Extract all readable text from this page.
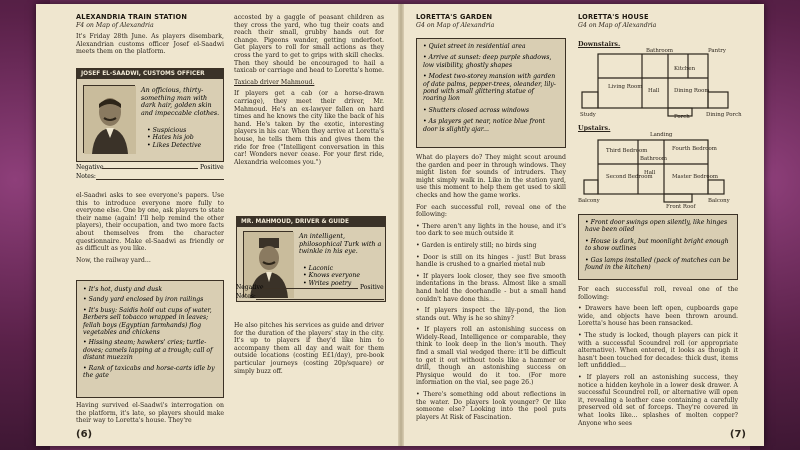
ALEXANDRIA TRAIN STATION
F4 on Map of Alexandria

It's Friday 28th June. As players disembark, Alexandrian customs officer Josef el-Saadwi meets them on the platform.

JOSEF EL-SAADWI, CUSTOMS OFFICER
An officious, thirty-something man with dark hair, golden skin and impeccable clothes.
• Suspicious
• Hates his job
• Likes Detective
Negative	Positive
Notes:

el-Saadwi asks to see everyone's papers. Use this to introduce everyone more fully to everyone else. One by one, ask players to state their name (again! I'll help remind the other players), their occupation, and two more facts about themselves from the character questionnaire. Make el-Saadwi as friendly or as difficult as you like.

Now, the railway yard...

• It's hot, dusty and dusk
• Sandy yard enclosed by iron railings
• It's busy: Saidis hold out cups of water, Berbers sell tobacco wrapped in leaves; fellah boys (Egyptian farmhands) flog vegetables and chickens
• Hissing steam; hawkers' cries; turtle-doves; camels lapping at a trough; call of distant muezzin
• Rank of taxicabs and horse-carts idle by the gate

Having survived el-Saadwi's interrogation on the platform, it's late, so players should make their way to Loretta's house. They're

accosted by a gaggle of peasant children as they cross the yard, who tug their coats and reach their small, grubby hands out for change. Pigeons wander, getting underfoot. Get players to roll for small actions as they cross the yard to get to grips with skill checks. Then they should be encouraged to hail a taxicab or carriage and head to Loretta's home.

Taxicab driver Mahmoud.

If players get a cab (or a horse-drawn carriage), they meet their driver, Mr. Mahmoud. He's an ex-lawyer fallen on hard times and he knows the city like the back of his hand. He's taken by the exotic, interesting players in his car. When they arrive at Loretta's house, he tells them this and gives them the ride for free ("Intelligent conversation in this car! Wonders never cease. For your first ride, Alexandria welcomes you.")

MR. MAHMOUD, DRIVER & GUIDE
An intelligent, philosophical Turk with a twinkle in his eye.
• Laconic
• Knows everyone
• Writes poetry
Negative	Positive
Notes:

He also pitches his services as guide and driver for the duration of the players' stay in the city. It's up to players if they'd like him to accompany them all day and wait for them outside locations (costing E£1/day), pre-book particular journeys (costing 20p/square) or simply buzz off.

(6)
LORETTA'S GARDEN
G4 on Map of Alexandria
• Quiet street in residential area
• Arrive at sunset: deep purple shadows, low visibility, ghostly shapes
• Modest two-storey mansion with garden of date palms, pepper-trees, oleander, lily-pond with small glittering statue of roaring lion
• Shutters closed across windows
• As players get near, notice blue front door is slightly ajar...

What do players do? They might scout around the garden and peer in through windows. They might listen for sounds of intruders. They might simply walk in. Like in the station yard, use this moment to help them get used to skill checks and how the game works.

For each successful roll, reveal one of the following:

• There aren't any lights in the house, and it's too dark to see much outside it

• Garden is entirely still; no birds sing

• Door is still on its hinges - just! But brass handle is crushed to a gnarled metal nub

• If players look closer, they see five smooth indentations in the brass. Almost like a small hand held the doorhandle - but a small hand couldn't have done this...

• If players inspect the lily-pond, the lion stands out. Why is he so shiny?

• If players roll an astonishing success on Widely-Read, Intelligence or comparable, they think to look deep in the lion's mouth. They find a small vial wedged there: it'll be difficult to get it out without tools like a hammer or drill, though an astonishing success on Physique would do it too. (For more information on the vial, see page 26.)

• There's something odd about reflections in the water. Do players look younger? Or like someone else? Looking into the pool puts players At Risk of Fascination.

LORETTA'S HOUSE
G4 on Map of Alexandria
Downstairs.
Bathroom	Pantry
Kitchen
Living Room
Hall	Dining Room
Study	Porch	Dining Porch
Upstairs.
Landing
Third Bedroom	Fourth Bedroom
Bathroom
Hall
Second Bedroom	Master Bedroom
Balcony
Front Roof
Balcony
• Front door swings open silently, like hinges have been oiled
• House is dark, but moonlight bright enough to show outlines
• Gas lamps installed (pack of matches can be found in the kitchen)

For each successful roll, reveal one of the following:

• Drawers have been left open, cupboards gape wide, and objects have been thrown around. Loretta's house has been ransacked.

• The study is locked, though players can pick it with a successful Scoundrel roll (or appropriate alternative). When entered, it looks as though it hasn't been touched for decades: thick dust, items left unfiddled...

• If players roll an astonishing success, they notice a hidden keyhole in a lower desk drawer. A successful Scoundrel roll, or alternative will open it, revealing a leather case containing a carefully preserved old set of forceps. They're covered in what looks like... splashes of molten copper? Anyone who sees

(7)
